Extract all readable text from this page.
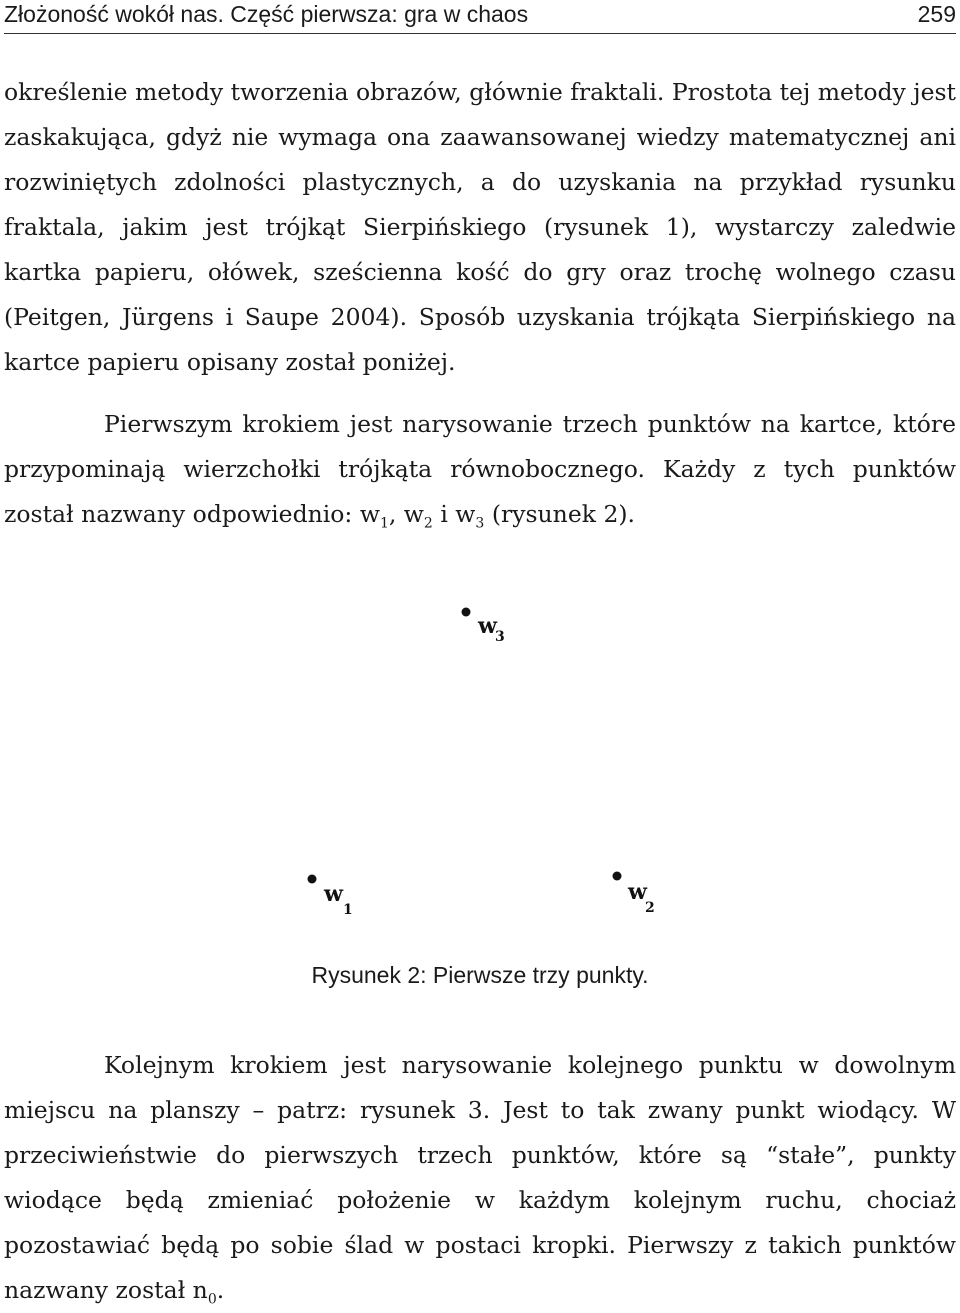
Złożoność wokół nas. Część pierwsza: gra w chaos	259

określenie metody tworzenia obrazów, głównie fraktali. Prostota tej metody jest zaskakująca, gdyż nie wymaga ona zaawansowanej wiedzy matematycznej ani rozwiniętych zdolności plastycznych, a do uzyskania na przykład rysunku fraktala, jakim jest trójkąt Sierpińskiego (rysunek 1), wystarczy zaledwie kartka papieru, ołówek, sześcienna kość do gry oraz trochę wolnego czasu (Peitgen, Jürgens i Saupe 2004). Sposób uzyskania trójkąta Sierpińskiego na kartce papieru opisany został poniżej.

Pierwszym krokiem jest narysowanie trzech punktów na kartce, które przypominają wierzchołki trójkąta równobocznego. Każdy z tych punktów został nazwany odpowiednio: $w_1$, $w_2$ i $w_3$ (rysunek 2).

w
3
w
1
w
2
Rysunek 2: Pierwsze trzy punkty.

Kolejnym krokiem jest narysowanie kolejnego punktu w dowolnym miejscu na planszy – patrz: rysunek 3. Jest to tak zwany punkt wiodący. W przeciwieństwie do pierwszych trzech punktów, które są “stałe”, punkty wiodące będą zmieniać położenie w każdym kolejnym ruchu, chociaż pozostawiać będą po sobie ślad w postaci kropki. Pierwszy z takich punktów nazwany został $n_0$.
